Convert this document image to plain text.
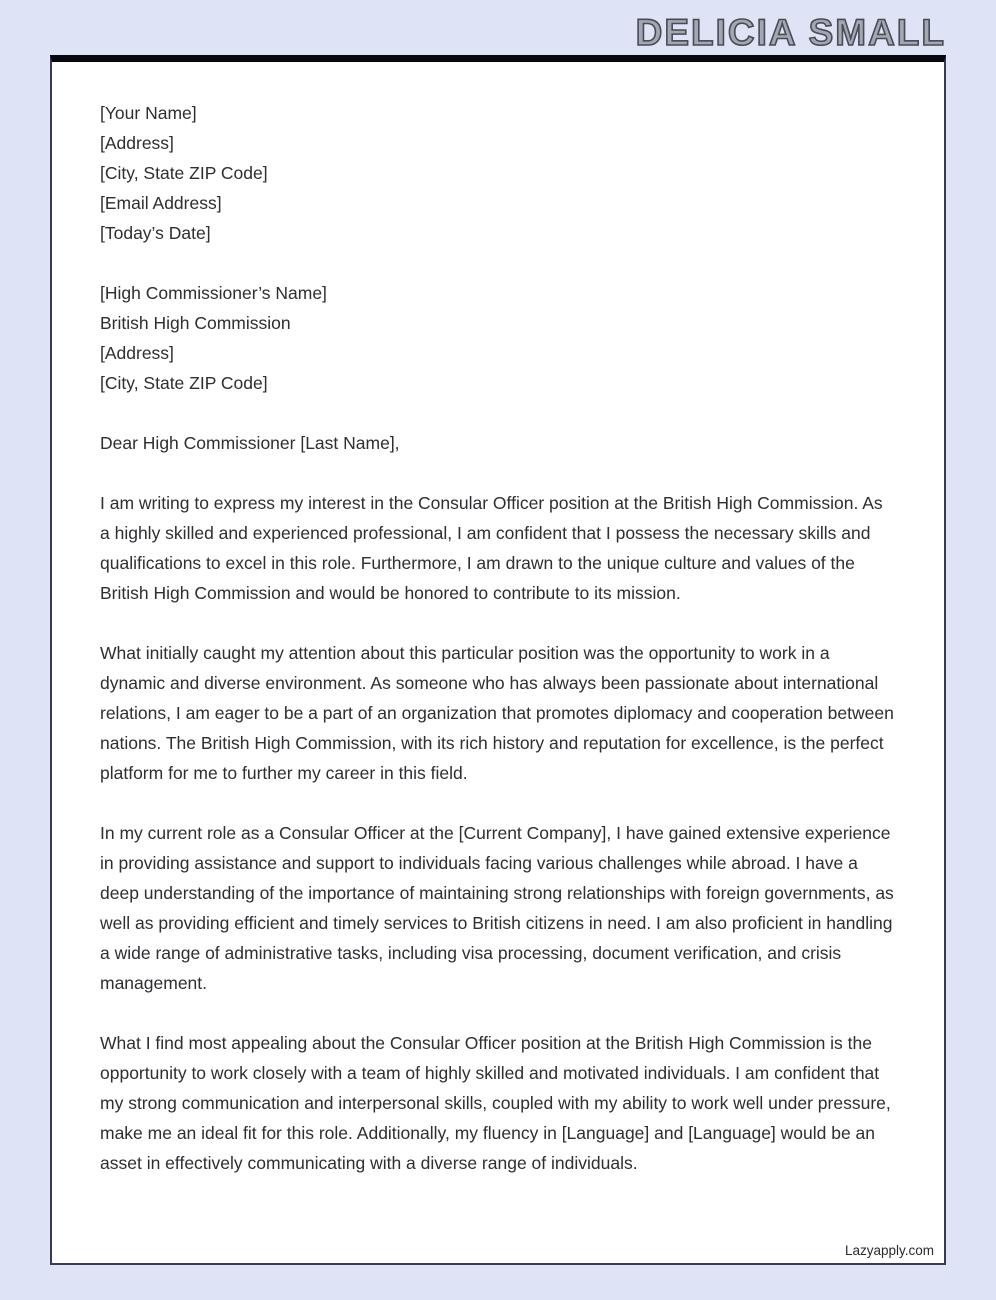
DELICIA SMALL
[Your Name]
[Address]
[City, State ZIP Code]
[Email Address]
[Today’s Date]
[High Commissioner’s Name]
British High Commission
[Address]
[City, State ZIP Code]

Dear High Commissioner [Last Name],

I am writing to express my interest in the Consular Officer position at the British High Commission. As a highly skilled and experienced professional, I am confident that I possess the necessary skills and qualifications to excel in this role. Furthermore, I am drawn to the unique culture and values of the British High Commission and would be honored to contribute to its mission.

What initially caught my attention about this particular position was the opportunity to work in a dynamic and diverse environment. As someone who has always been passionate about international relations, I am eager to be a part of an organization that promotes diplomacy and cooperation between nations. The British High Commission, with its rich history and reputation for excellence, is the perfect platform for me to further my career in this field.

In my current role as a Consular Officer at the [Current Company], I have gained extensive experience in providing assistance and support to individuals facing various challenges while abroad. I have a deep understanding of the importance of maintaining strong relationships with foreign governments, as well as providing efficient and timely services to British citizens in need. I am also proficient in handling a wide range of administrative tasks, including visa processing, document verification, and crisis management.

What I find most appealing about the Consular Officer position at the British High Commission is the opportunity to work closely with a team of highly skilled and motivated individuals. I am confident that my strong communication and interpersonal skills, coupled with my ability to work well under pressure, make me an ideal fit for this role. Additionally, my fluency in [Language] and [Language] would be an asset in effectively communicating with a diverse range of individuals.

Lazyapply.com
